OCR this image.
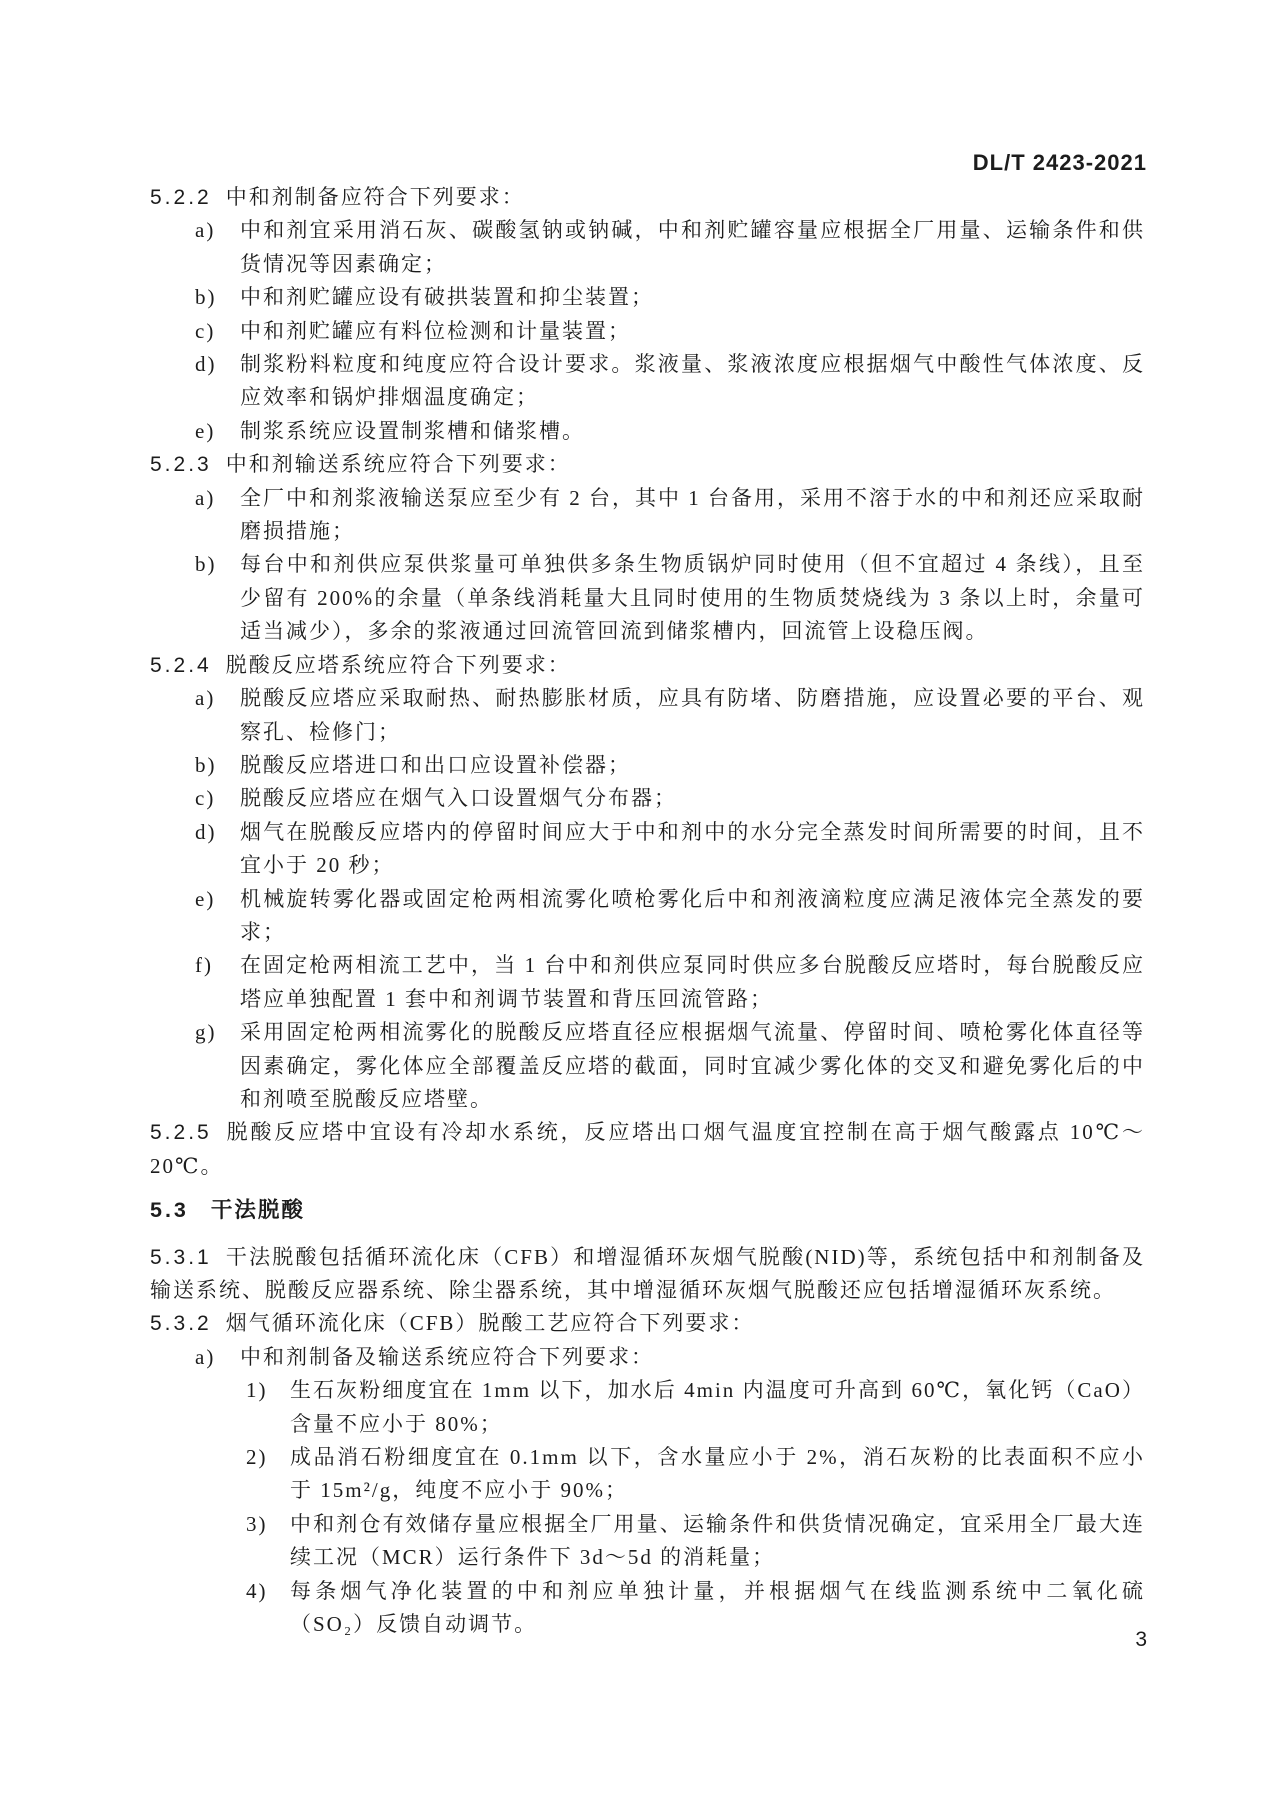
DL/T 2423-2021

5.2.2 中和剂制备应符合下列要求：

a) 中和剂宜采用消石灰、碳酸氢钠或钠碱，中和剂贮罐容量应根据全厂用量、运输条件和供货情况等因素确定；
b) 中和剂贮罐应设有破拱装置和抑尘装置；
c) 中和剂贮罐应有料位检测和计量装置；
d) 制浆粉料粒度和纯度应符合设计要求。浆液量、浆液浓度应根据烟气中酸性气体浓度、反应效率和锅炉排烟温度确定；
e) 制浆系统应设置制浆槽和储浆槽。

5.2.3 中和剂输送系统应符合下列要求：

a) 全厂中和剂浆液输送泵应至少有 2 台，其中 1 台备用，采用不溶于水的中和剂还应采取耐磨损措施；
b) 每台中和剂供应泵供浆量可单独供多条生物质锅炉同时使用（但不宜超过 4 条线），且至少留有 200%的余量（单条线消耗量大且同时使用的生物质焚烧线为 3 条以上时，余量可适当减少），多余的浆液通过回流管回流到储浆槽内，回流管上设稳压阀。

5.2.4 脱酸反应塔系统应符合下列要求：

a) 脱酸反应塔应采取耐热、耐热膨胀材质，应具有防堵、防磨措施，应设置必要的平台、观察孔、检修门；
b) 脱酸反应塔进口和出口应设置补偿器；
c) 脱酸反应塔应在烟气入口设置烟气分布器；
d) 烟气在脱酸反应塔内的停留时间应大于中和剂中的水分完全蒸发时间所需要的时间，且不宜小于 20 秒；
e) 机械旋转雾化器或固定枪两相流雾化喷枪雾化后中和剂液滴粒度应满足液体完全蒸发的要求；
f) 在固定枪两相流工艺中，当 1 台中和剂供应泵同时供应多台脱酸反应塔时，每台脱酸反应塔应单独配置 1 套中和剂调节装置和背压回流管路；
g) 采用固定枪两相流雾化的脱酸反应塔直径应根据烟气流量、停留时间、喷枪雾化体直径等因素确定，雾化体应全部覆盖反应塔的截面，同时宜减少雾化体的交叉和避免雾化后的中和剂喷至脱酸反应塔壁。

5.2.5 脱酸反应塔中宜设有冷却水系统，反应塔出口烟气温度宜控制在高于烟气酸露点 10℃～20℃。

5.3 干法脱酸

5.3.1 干法脱酸包括循环流化床（CFB）和增湿循环灰烟气脱酸(NID)等，系统包括中和剂制备及输送系统、脱酸反应器系统、除尘器系统，其中增湿循环灰烟气脱酸还应包括增湿循环灰系统。

5.3.2 烟气循环流化床（CFB）脱酸工艺应符合下列要求：

a) 中和剂制备及输送系统应符合下列要求：
1) 生石灰粉细度宜在 1mm 以下，加水后 4min 内温度可升高到 60℃，氧化钙（CaO）含量不应小于 80%；
2) 成品消石粉细度宜在 0.1mm 以下，含水量应小于 2%，消石灰粉的比表面积不应小于 15m²/g，纯度不应小于 90%；
3) 中和剂仓有效储存量应根据全厂用量、运输条件和供货情况确定，宜采用全厂最大连续工况（MCR）运行条件下 3d～5d 的消耗量；
4) 每条烟气净化装置的中和剂应单独计量，并根据烟气在线监测系统中二氧化硫（SO₂）反馈自动调节。
3
